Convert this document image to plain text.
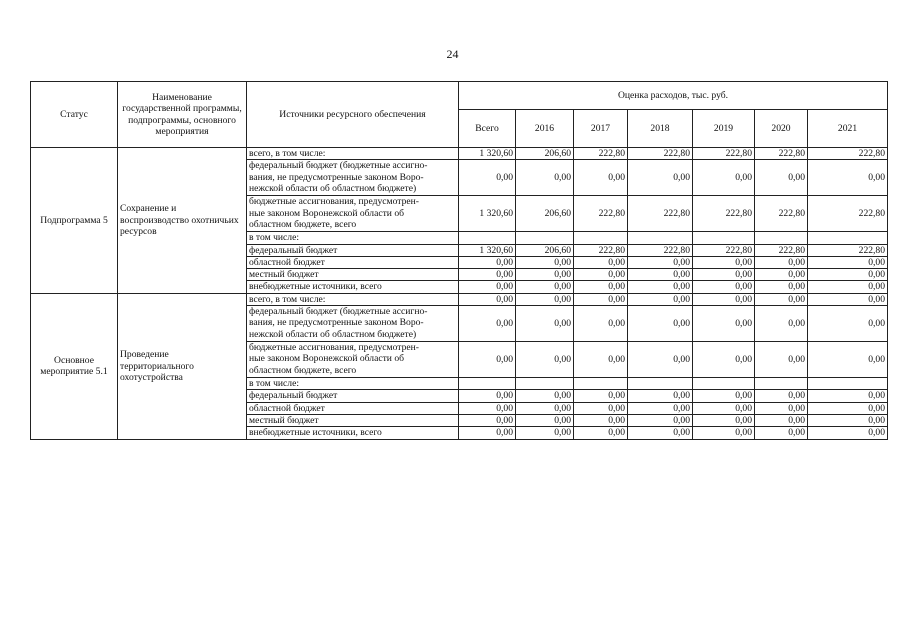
24
Статус	Наименование государственной программы, подпрограммы, основного мероприятия	Источники ресурсного обеспечения	Оценка расходов, тыс. руб.						
			Всего	2016	2017	2018	2019	2020	2021
Подпрограмма 5	Сохранение и воспроизводство охотничьих ресурсов	всего, в том числе:	1 320,60	206,60	222,80	222,80	222,80	222,80	222,80
		федеральный бюджет (бюджетные ассигно-
вания, не предусмотренные законом Воро-
нежской области об областном бюджете)	0,00	0,00	0,00	0,00	0,00	0,00	0,00
		бюджетные ассигнования, предусмотрен-
ные законом Воронежской области об
областном бюджете, всего	1 320,60	206,60	222,80	222,80	222,80	222,80	222,80
		в том числе:							
		федеральный бюджет	1 320,60	206,60	222,80	222,80	222,80	222,80	222,80
		областной бюджет	0,00	0,00	0,00	0,00	0,00	0,00	0,00
		местный бюджет	0,00	0,00	0,00	0,00	0,00	0,00	0,00
		внебюджетные источники, всего	0,00	0,00	0,00	0,00	0,00	0,00	0,00
Основное мероприятие 5.1	Проведение территориального охотустройства	всего, в том числе:	0,00	0,00	0,00	0,00	0,00	0,00	0,00
		федеральный бюджет (бюджетные ассигно-
вания, не предусмотренные законом Воро-
нежской области об областном бюджете)	0,00	0,00	0,00	0,00	0,00	0,00	0,00
		бюджетные ассигнования, предусмотрен-
ные законом Воронежской области об
областном бюджете, всего	0,00	0,00	0,00	0,00	0,00	0,00	0,00
		в том числе:							
		федеральный бюджет	0,00	0,00	0,00	0,00	0,00	0,00	0,00
		областной бюджет	0,00	0,00	0,00	0,00	0,00	0,00	0,00
		местный бюджет	0,00	0,00	0,00	0,00	0,00	0,00	0,00
		внебюджетные источники, всего	0,00	0,00	0,00	0,00	0,00	0,00	0,00
